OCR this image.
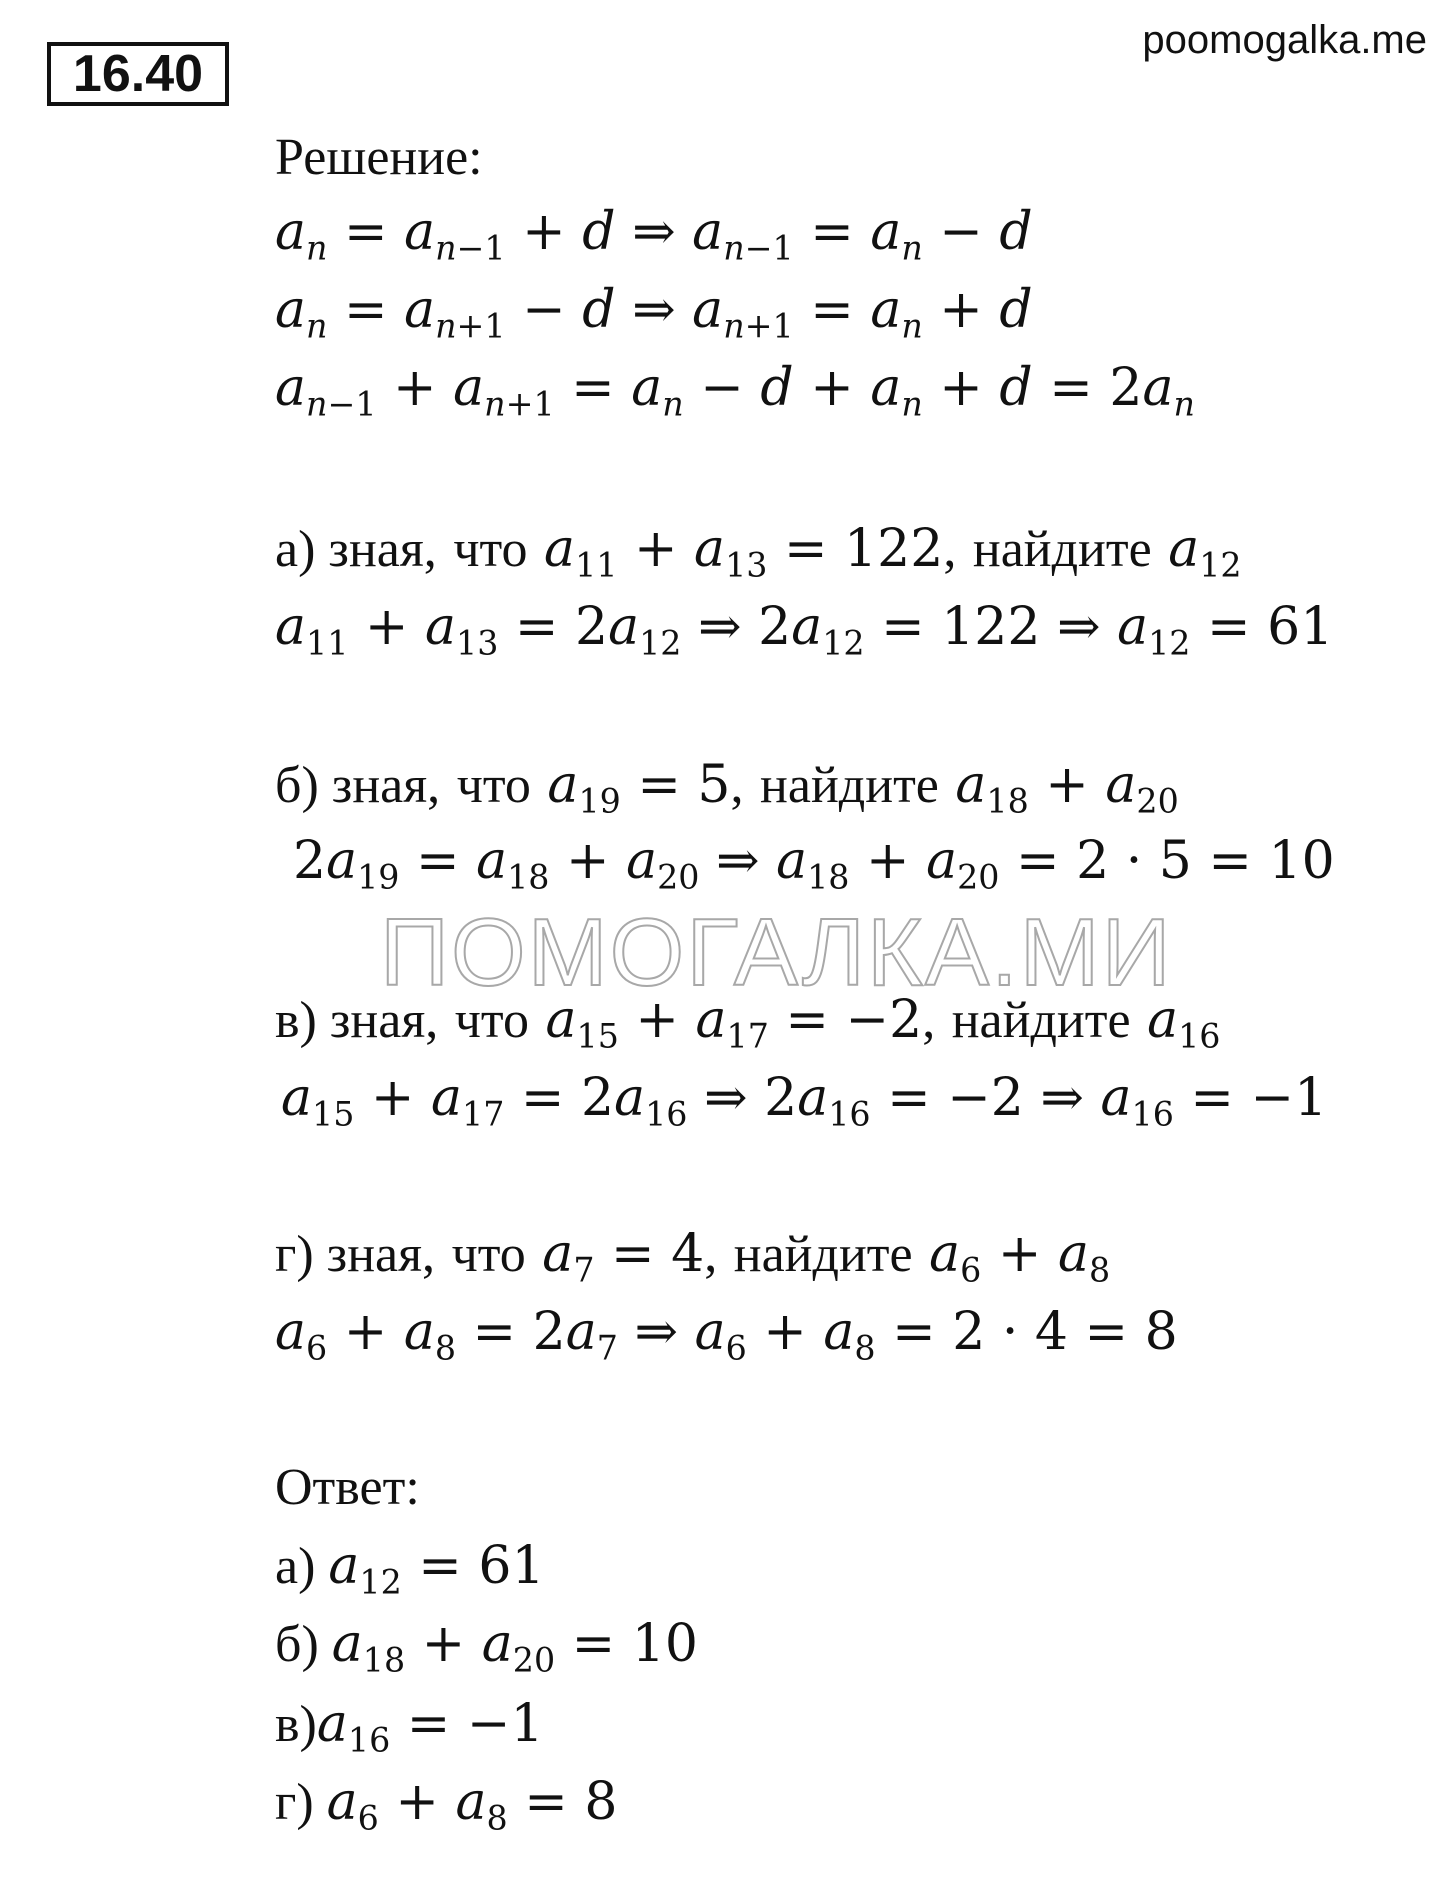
16.40
poomogalka.me
ПОМОГАЛКА.МИ
Решение:
$a_n = a_{n-1} + d$ ⇒ $a_{n-1} = a_n - d$
$a_n = a_{n+1} - d$ ⇒ $a_{n+1} = a_n + d$
$a_{n-1} + a_{n+1} = a_n - d + a_n + d = 2a_n$
а) зная, что $a_{11} + a_{13} = 122$, найдите $a_{12}$
$a_{11} + a_{13} = 2a_{12}$ ⇒ $2a_{12} = 122$ ⇒ $a_{12} = 61$
б) зная, что $a_{19} = 5$, найдите $a_{18} + a_{20}$
$2a_{19} = a_{18} + a_{20}$ ⇒ $a_{18} + a_{20} = 2 \cdot 5 = 10$
в) зная, что $a_{15} + a_{17} = -2$, найдите $a_{16}$
$a_{15} + a_{17} = 2a_{16}$ ⇒ $2a_{16} = -2$ ⇒ $a_{16} = -1$
г) зная, что $a_7 = 4$, найдите $a_6 + a_8$
$a_6 + a_8 = 2a_7$ ⇒ $a_6 + a_8 = 2 \cdot 4 = 8$
Ответ:
а) $a_{12} = 61$
б) $a_{18} + a_{20} = 10$
$в)a_{16} = -1$
г) $a_6 + a_8 = 8$
